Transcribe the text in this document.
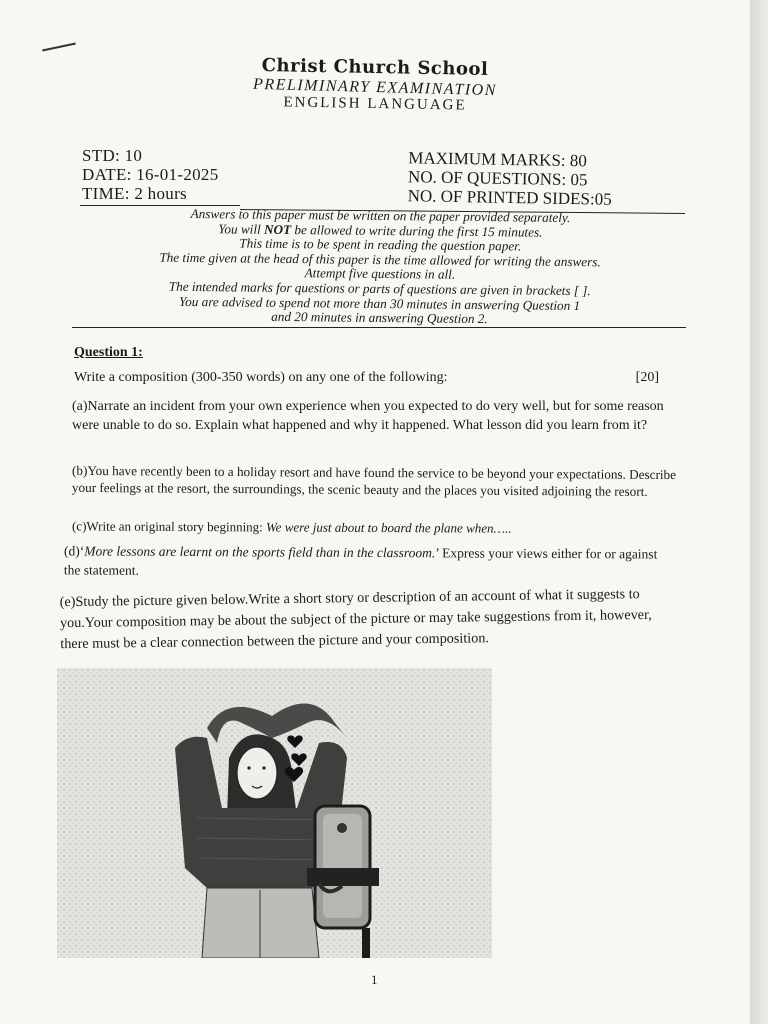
Christ Church School
PRELIMINARY EXAMINATION
ENGLISH LANGUAGE
STD: 10
DATE: 16-01-2025
TIME: 2 hours
MAXIMUM MARKS: 80
NO. OF QUESTIONS: 05
NO. OF PRINTED SIDES:05
Answers to this paper must be written on the paper provided separately.
You will NOT be allowed to write during the first 15 minutes.
This time is to be spent in reading the question paper.
The time given at the head of this paper is the time allowed for writing the answers.
Attempt five questions in all.
The intended marks for questions or parts of questions are given in brackets [ ].
You are advised to spend not more than 30 minutes in answering Question 1
and 20 minutes in answering Question 2.
Question 1:
Write a composition (300-350 words) on any one of the following:	[20]
(a)Narrate an incident from your own experience when you expected to do very well, but for some reason were unable to do so. Explain what happened and why it happened. What lesson did you learn from it?
(b)You have recently been to a holiday resort and have found the service to be beyond your expectations. Describe your feelings at the resort, the surroundings, the scenic beauty and the places you visited adjoining the resort.
(c)Write an original story beginning: We were just about to board the plane when…..
(d)‘More lessons are learnt on the sports field than in the classroom.’ Express your views either for or against the statement.
(e)Study the picture given below.Write a short story or description of an account of what it suggests to you.Your composition may be about the subject of the picture or may take suggestions from it, however, there must be a clear connection between the picture and your composition.
1
